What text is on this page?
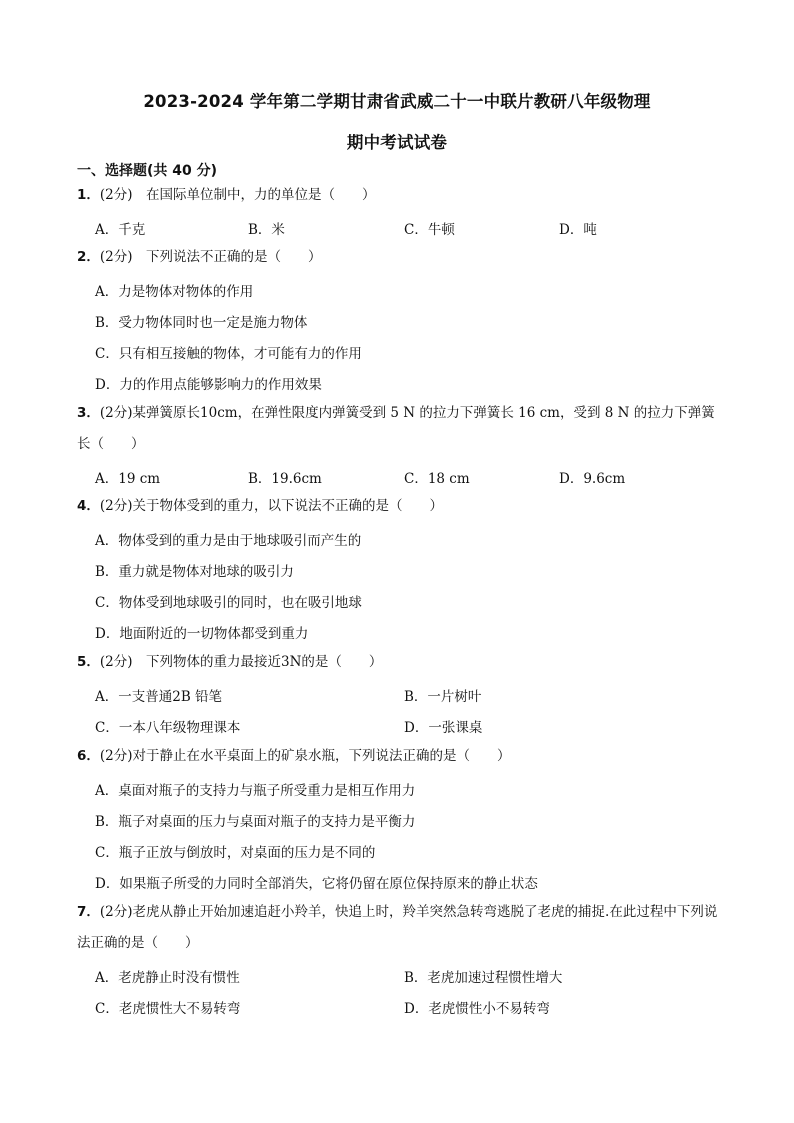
2023-2024 学年第二学期甘肃省武威二十一中联片教研八年级物理
期中考试试卷
一、选择题(共 40 分)
1．(2分)　在国际单位制中，力的单位是（　　）
A．千克	B．米	C．牛顿	D．吨
2．(2分)　下列说法不正确的是（　　）
A．力是物体对物体的作用
B．受力物体同时也一定是施力物体
C．只有相互接触的物体，才可能有力的作用
D．力的作用点能够影响力的作用效果
3．(2分)某弹簧原长10cm，在弹性限度内弹簧受到 5 N 的拉力下弹簧长 16 cm，受到 8 N 的拉力下弹簧长（　　）
A．19 cm	B．19.6cm	C．18 cm	D．9.6cm
4．(2分)关于物体受到的重力，以下说法不正确的是（　　）
A．物体受到的重力是由于地球吸引而产生的
B．重力就是物体对地球的吸引力
C．物体受到地球吸引的同时，也在吸引地球
D．地面附近的一切物体都受到重力
5．(2分)　下列物体的重力最接近3N的是（　　）
A．一支普通2B 铅笔	B．一片树叶
C．一本八年级物理课本	D．一张课桌
6．(2分)对于静止在水平桌面上的矿泉水瓶，下列说法正确的是（　　）
A．桌面对瓶子的支持力与瓶子所受重力是相互作用力
B．瓶子对桌面的压力与桌面对瓶子的支持力是平衡力
C．瓶子正放与倒放时，对桌面的压力是不同的
D．如果瓶子所受的力同时全部消失，它将仍留在原位保持原来的静止状态
7．(2分)老虎从静止开始加速追赶小羚羊，快追上时，羚羊突然急转弯逃脱了老虎的捕捉.在此过程中下列说法正确的是（　　）
A．老虎静止时没有惯性	B．老虎加速过程惯性增大
C．老虎惯性大不易转弯	D．老虎惯性小不易转弯
